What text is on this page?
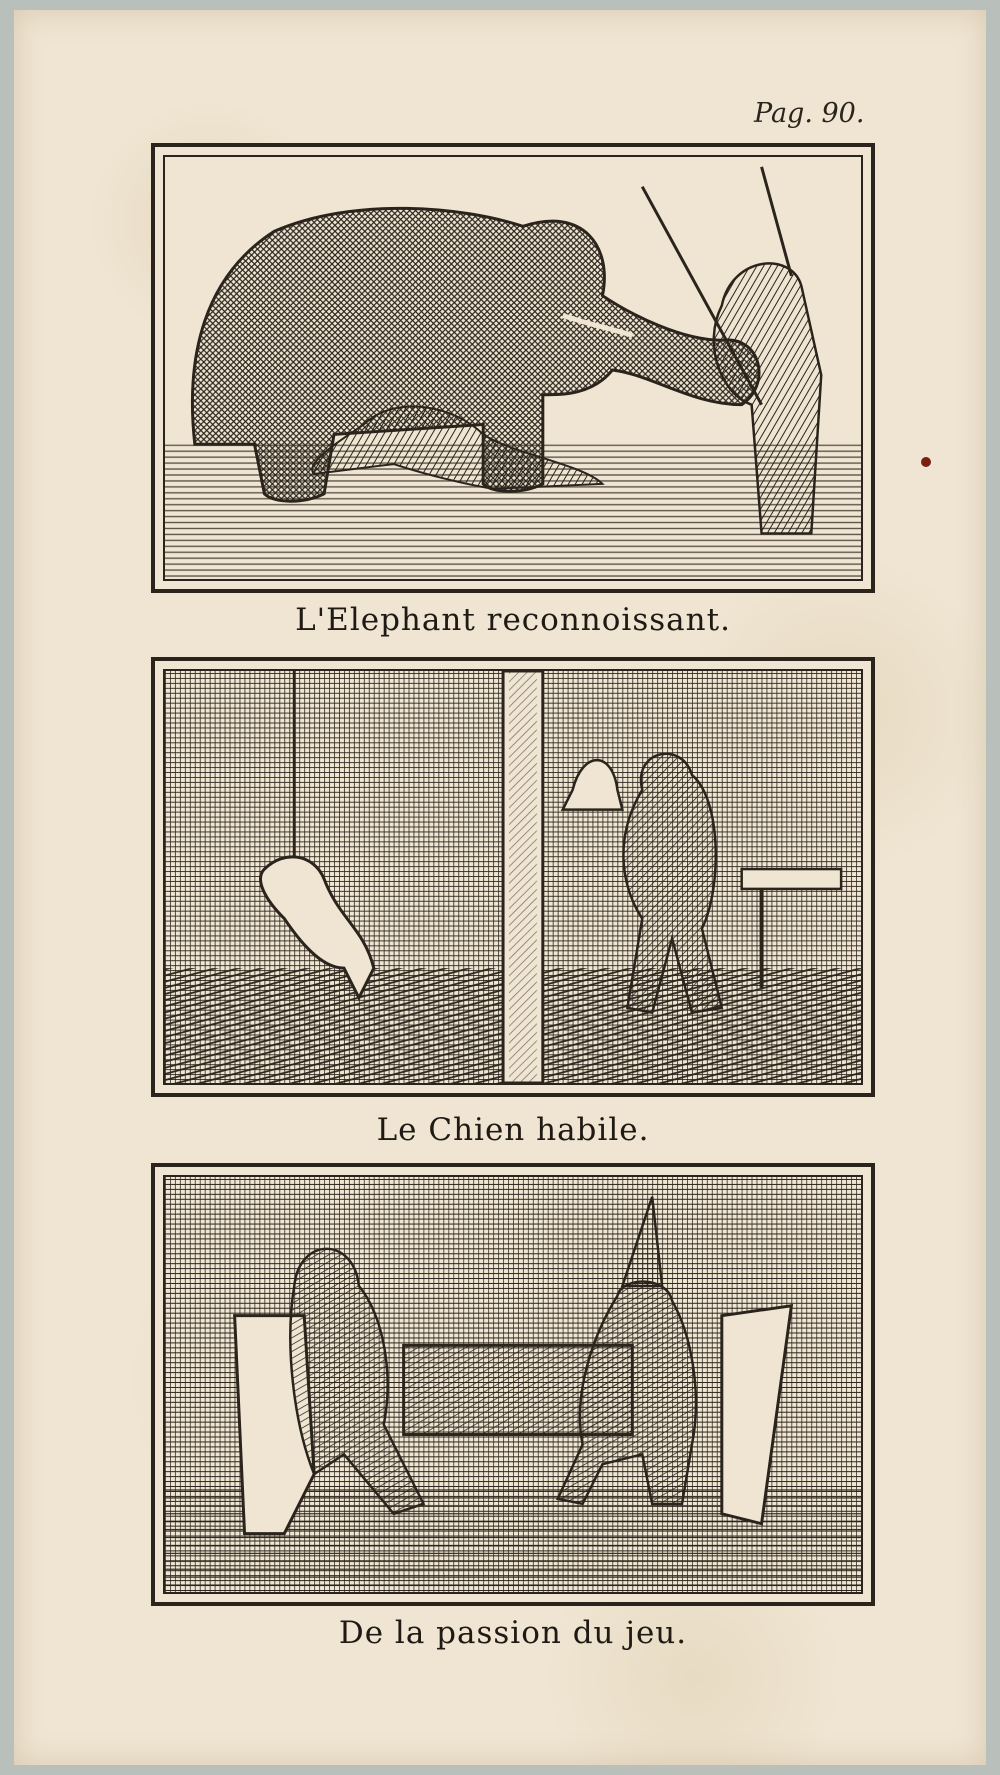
Pag. 90.
L'Elephant reconnoissant.
Le Chien habile.
De la passion du jeu.
